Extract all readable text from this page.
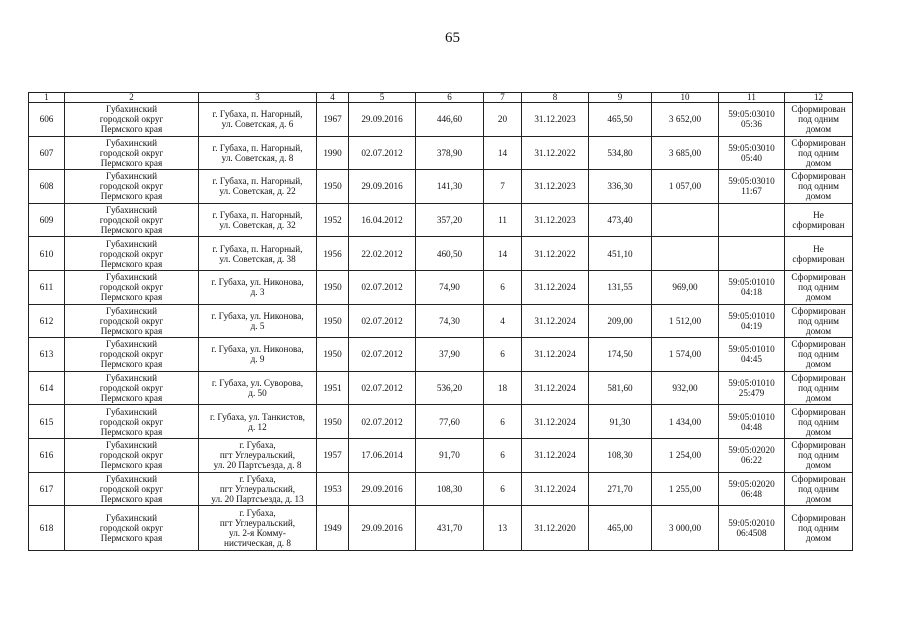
65
1	2	3	4	5	6	7	8	9	10	11	12
606	Губахинский
городской округ
Пермского края	г. Губаха, п. Нагорный,
ул. Советская, д. 6	1967	29.09.2016	446,60	20	31.12.2023	465,50	3 652,00	59:05:03010
05:36	Сформирован
под одним
домом
607	Губахинский
городской округ
Пермского края	г. Губаха, п. Нагорный,
ул. Советская, д. 8	1990	02.07.2012	378,90	14	31.12.2022	534,80	3 685,00	59:05:03010
05:40	Сформирован
под одним
домом
608	Губахинский
городской округ
Пермского края	г. Губаха, п. Нагорный,
ул. Советская, д. 22	1950	29.09.2016	141,30	7	31.12.2023	336,30	1 057,00	59:05:03010
11:67	Сформирован
под одним
домом
609	Губахинский
городской округ
Пермского края	г. Губаха, п. Нагорный,
ул. Советская, д. 32	1952	16.04.2012	357,20	11	31.12.2023	473,40			Не сформирован
610	Губахинский
городской округ
Пермского края	г. Губаха, п. Нагорный,
ул. Советская, д. 38	1956	22.02.2012	460,50	14	31.12.2022	451,10			Не сформирован
611	Губахинский
городской округ
Пермского края	г. Губаха, ул. Никонова,
д. 3	1950	02.07.2012	74,90	6	31.12.2024	131,55	969,00	59:05:01010
04:18	Сформирован
под одним
домом
612	Губахинский
городской округ
Пермского края	г. Губаха, ул. Никонова,
д. 5	1950	02.07.2012	74,30	4	31.12.2024	209,00	1 512,00	59:05:01010
04:19	Сформирован
под одним
домом
613	Губахинский
городской округ
Пермского края	г. Губаха, ул. Никонова,
д. 9	1950	02.07.2012	37,90	6	31.12.2024	174,50	1 574,00	59:05:01010
04:45	Сформирован
под одним
домом
614	Губахинский
городской округ
Пермского края	г. Губаха, ул. Суворова,
д. 50	1951	02.07.2012	536,20	18	31.12.2024	581,60	932,00	59:05:01010
25:479	Сформирован
под одним
домом
615	Губахинский
городской округ
Пермского края	г. Губаха, ул. Танкистов,
д. 12	1950	02.07.2012	77,60	6	31.12.2024	91,30	1 434,00	59:05:01010
04:48	Сформирован
под одним
домом
616	Губахинский
городской округ
Пермского края	г. Губаха,
пгт Углеуральский,
ул. 20 Партсъезда, д. 8	1957	17.06.2014	91,70	6	31.12.2024	108,30	1 254,00	59:05:02020
06:22	Сформирован
под одним
домом
617	Губахинский
городской округ
Пермского края	г. Губаха,
пгт Углеуральский,
ул. 20 Партсъезда, д. 13	1953	29.09.2016	108,30	6	31.12.2024	271,70	1 255,00	59:05:02020
06:48	Сформирован
под одним
домом
618	Губахинский
городской округ
Пермского края	г. Губаха,
пгт Углеуральский,
ул. 2-я Комму-
нистическая, д. 8	1949	29.09.2016	431,70	13	31.12.2020	465,00	3 000,00	59:05:02010
06:4508	Сформирован
под одним
домом
